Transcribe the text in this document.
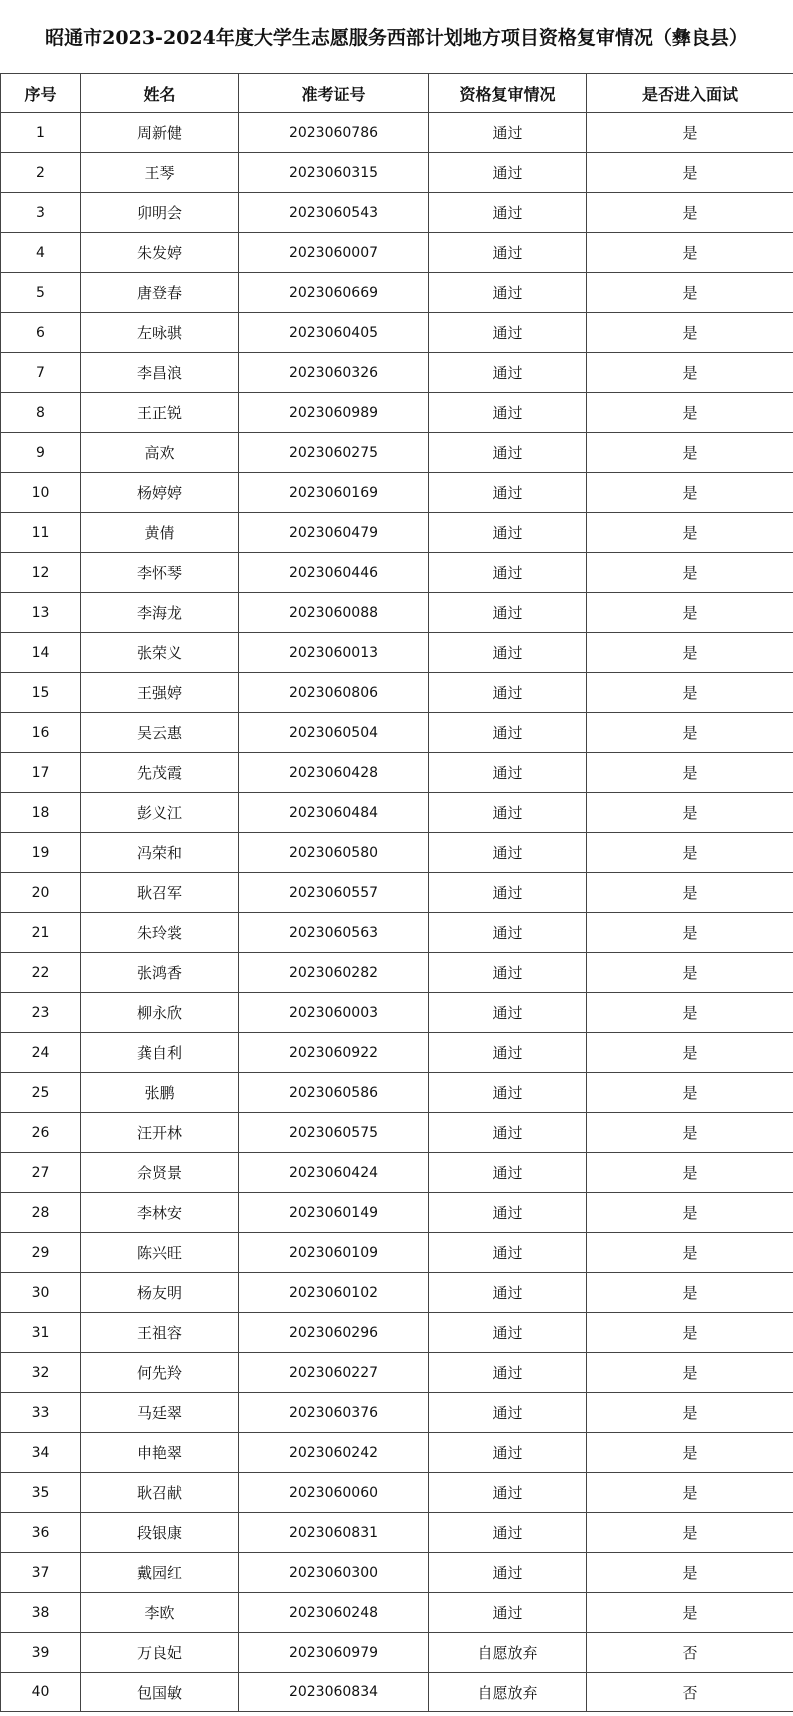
昭通市2023-2024年度大学生志愿服务西部计划地方项目资格复审情况（彝良县）
序号	姓名	准考证号	资格复审情况	是否进入面试
1	周新健	2023060786	通过	是
2	王琴	2023060315	通过	是
3	卯明会	2023060543	通过	是
4	朱发婷	2023060007	通过	是
5	唐登春	2023060669	通过	是
6	左咏骐	2023060405	通过	是
7	李昌浪	2023060326	通过	是
8	王正锐	2023060989	通过	是
9	高欢	2023060275	通过	是
10	杨婷婷	2023060169	通过	是
11	黄倩	2023060479	通过	是
12	李怀琴	2023060446	通过	是
13	李海龙	2023060088	通过	是
14	张荣义	2023060013	通过	是
15	王强婷	2023060806	通过	是
16	吴云惠	2023060504	通过	是
17	先茂霞	2023060428	通过	是
18	彭义江	2023060484	通过	是
19	冯荣和	2023060580	通过	是
20	耿召军	2023060557	通过	是
21	朱玲裳	2023060563	通过	是
22	张鸿香	2023060282	通过	是
23	柳永欣	2023060003	通过	是
24	龚自利	2023060922	通过	是
25	张鹏	2023060586	通过	是
26	汪开林	2023060575	通过	是
27	佘贤景	2023060424	通过	是
28	李林安	2023060149	通过	是
29	陈兴旺	2023060109	通过	是
30	杨友明	2023060102	通过	是
31	王祖容	2023060296	通过	是
32	何先羚	2023060227	通过	是
33	马廷翠	2023060376	通过	是
34	申艳翠	2023060242	通过	是
35	耿召献	2023060060	通过	是
36	段银康	2023060831	通过	是
37	戴园红	2023060300	通过	是
38	李欧	2023060248	通过	是
39	万良妃	2023060979	自愿放弃	否
40	包国敏	2023060834	自愿放弃	否
